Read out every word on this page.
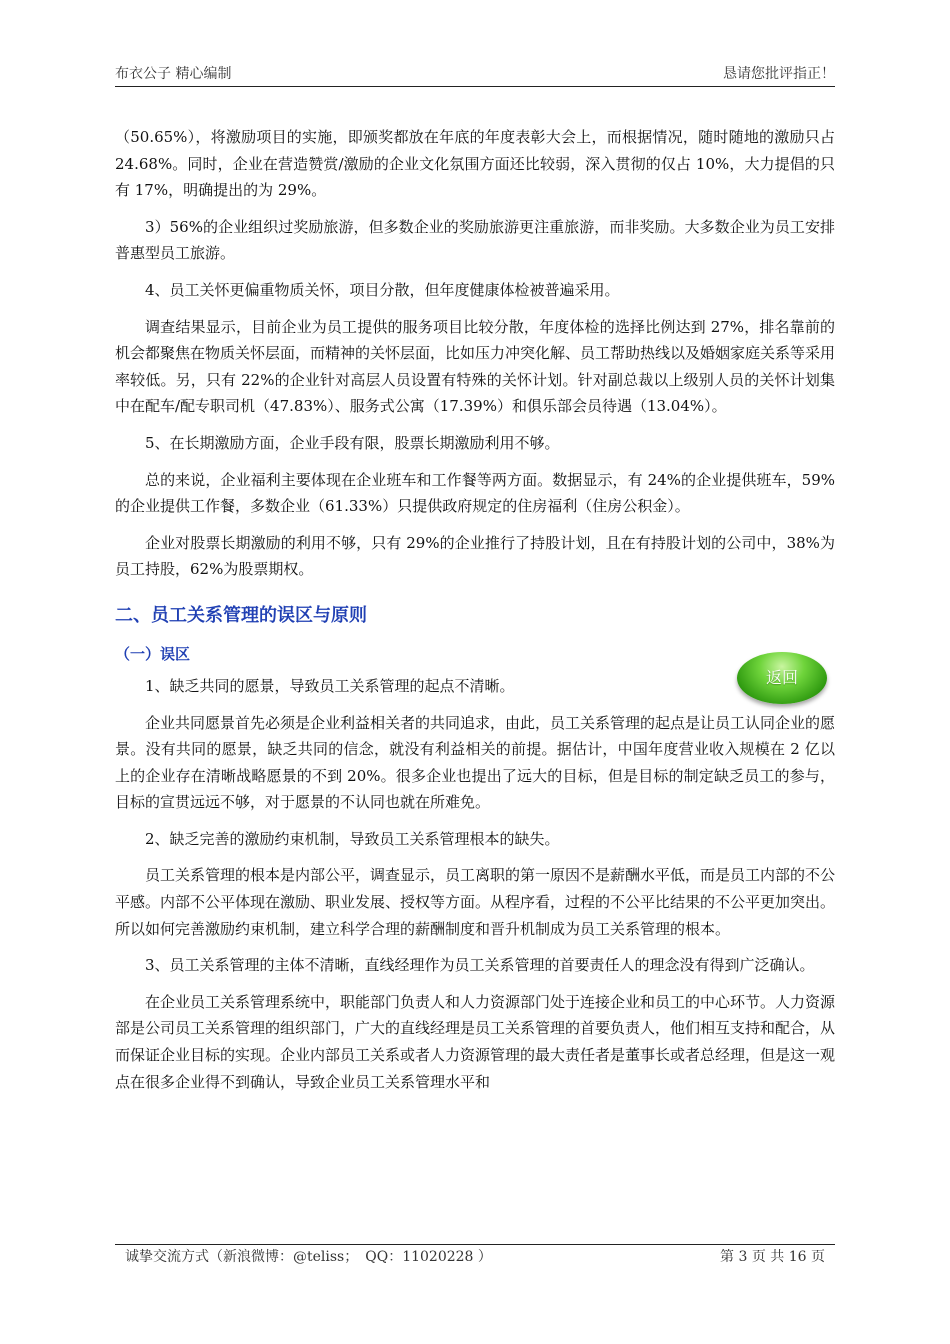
布衣公子 精心编制	恳请您批评指正！

（50.65%），将激励项目的实施，即颁奖都放在年底的年度表彰大会上，而根据情况，随时随地的激励只占 24.68%。同时，企业在营造赞赏/激励的企业文化氛围方面还比较弱，深入贯彻的仅占 10%，大力提倡的只有 17%，明确提出的为 29%。

3）56%的企业组织过奖励旅游，但多数企业的奖励旅游更注重旅游，而非奖励。大多数企业为员工安排普惠型员工旅游。

4、员工关怀更偏重物质关怀，项目分散，但年度健康体检被普遍采用。

调查结果显示，目前企业为员工提供的服务项目比较分散，年度体检的选择比例达到 27%，排名靠前的机会都聚焦在物质关怀层面，而精神的关怀层面，比如压力冲突化解、员工帮助热线以及婚姻家庭关系等采用率较低。另，只有 22%的企业针对高层人员设置有特殊的关怀计划。针对副总裁以上级别人员的关怀计划集中在配车/配专职司机（47.83%）、服务式公寓（17.39%）和俱乐部会员待遇（13.04%）。

5、在长期激励方面，企业手段有限，股票长期激励利用不够。

总的来说，企业福利主要体现在企业班车和工作餐等两方面。数据显示，有 24%的企业提供班车，59%的企业提供工作餐，多数企业（61.33%）只提供政府规定的住房福利（住房公积金）。

企业对股票长期激励的利用不够，只有 29%的企业推行了持股计划，且在有持股计划的公司中，38%为员工持股，62%为股票期权。

二、员工关系管理的误区与原则
（一）误区

1、缺乏共同的愿景，导致员工关系管理的起点不清晰。

企业共同愿景首先必须是企业利益相关者的共同追求，由此，员工关系管理的起点是让员工认同企业的愿景。没有共同的愿景，缺乏共同的信念，就没有利益相关的前提。据估计，中国年度营业收入规模在 2 亿以上的企业存在清晰战略愿景的不到 20%。很多企业也提出了远大的目标，但是目标的制定缺乏员工的参与，目标的宣贯远远不够，对于愿景的不认同也就在所难免。

2、缺乏完善的激励约束机制，导致员工关系管理根本的缺失。

员工关系管理的根本是内部公平，调查显示，员工离职的第一原因不是薪酬水平低，而是员工内部的不公平感。内部不公平体现在激励、职业发展、授权等方面。从程序看，过程的不公平比结果的不公平更加突出。所以如何完善激励约束机制，建立科学合理的薪酬制度和晋升机制成为员工关系管理的根本。

3、员工关系管理的主体不清晰，直线经理作为员工关系管理的首要责任人的理念没有得到广泛确认。

在企业员工关系管理系统中，职能部门负责人和人力资源部门处于连接企业和员工的中心环节。人力资源部是公司员工关系管理的组织部门，广大的直线经理是员工关系管理的首要负责人，他们相互支持和配合，从而保证企业目标的实现。企业内部员工关系或者人力资源管理的最大责任者是董事长或者总经理，但是这一观点在很多企业得不到确认，导致企业员工关系管理水平和

返回
诚挚交流方式（新浪微博：@teliss；　QQ：11020228 ）	第 3 页 共 16 页
